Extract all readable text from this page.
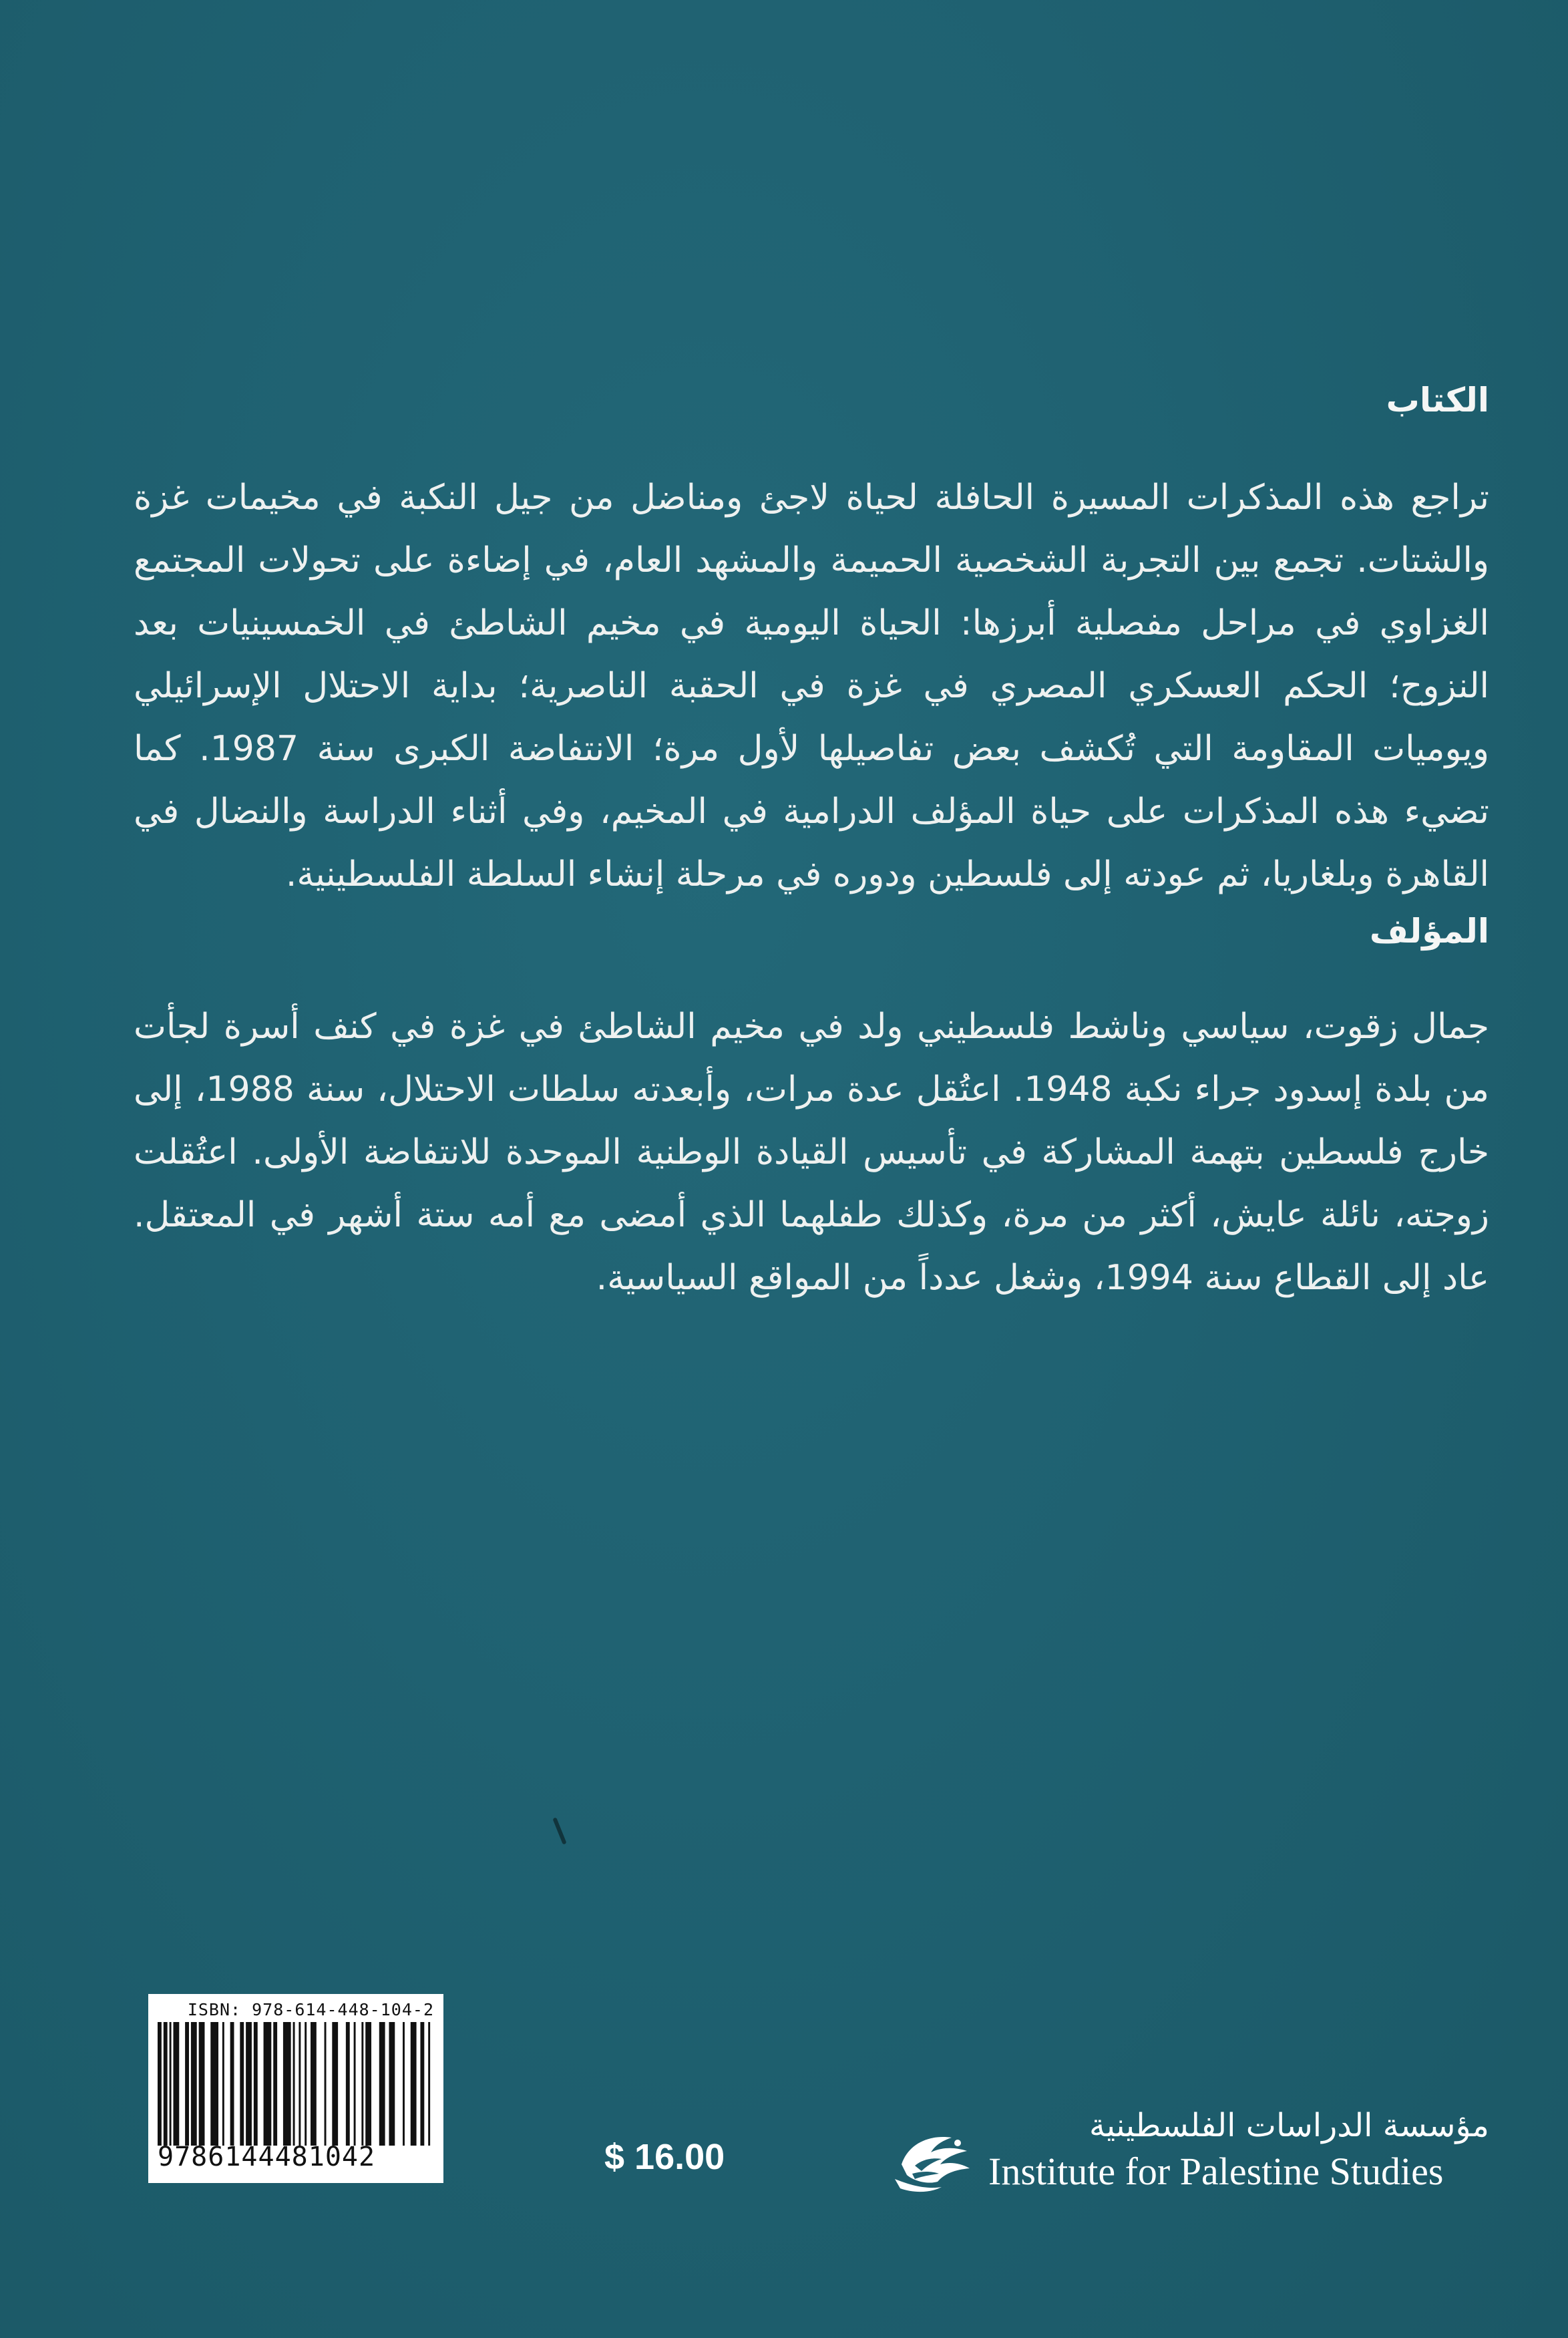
الكتاب

تراجع هذه المذكرات المسيرة الحافلة لحياة لاجئ ومناضل من جيل النكبة في مخيمات غزة والشتات. تجمع بين التجربة الشخصية الحميمة والمشهد العام، في إضاءة على تحولات المجتمع الغزاوي في مراحل مفصلية أبرزها: الحياة اليومية في مخيم الشاطئ في الخمسينيات بعد النزوح؛ الحكم العسكري المصري في غزة في الحقبة الناصرية؛ بداية الاحتلال الإسرائيلي ويوميات المقاومة التي تُكشف بعض تفاصيلها لأول مرة؛ الانتفاضة الكبرى سنة 1987. كما تضيء هذه المذكرات على حياة المؤلف الدرامية في المخيم، وفي أثناء الدراسة والنضال في القاهرة وبلغاريا، ثم عودته إلى فلسطين ودوره في مرحلة إنشاء السلطة الفلسطينية.

المؤلف

جمال زقوت، سياسي وناشط فلسطيني ولد في مخيم الشاطئ في غزة في كنف أسرة لجأت من بلدة إسدود جراء نكبة 1948. اعتُقل عدة مرات، وأبعدته سلطات الاحتلال، سنة 1988، إلى خارج فلسطين بتهمة المشاركة في تأسيس القيادة الوطنية الموحدة للانتفاضة الأولى. اعتُقلت زوجته، نائلة عايش، أكثر من مرة، وكذلك طفلهما الذي أمضى مع أمه ستة أشهر في المعتقل. عاد إلى القطاع سنة 1994، وشغل عدداً من المواقع السياسية.

ISBN: 978-614-448-104-2
9786144481042	$ 16.00
مؤسسة الدراسات الفلسطينية
Institute for Palestine Studies
